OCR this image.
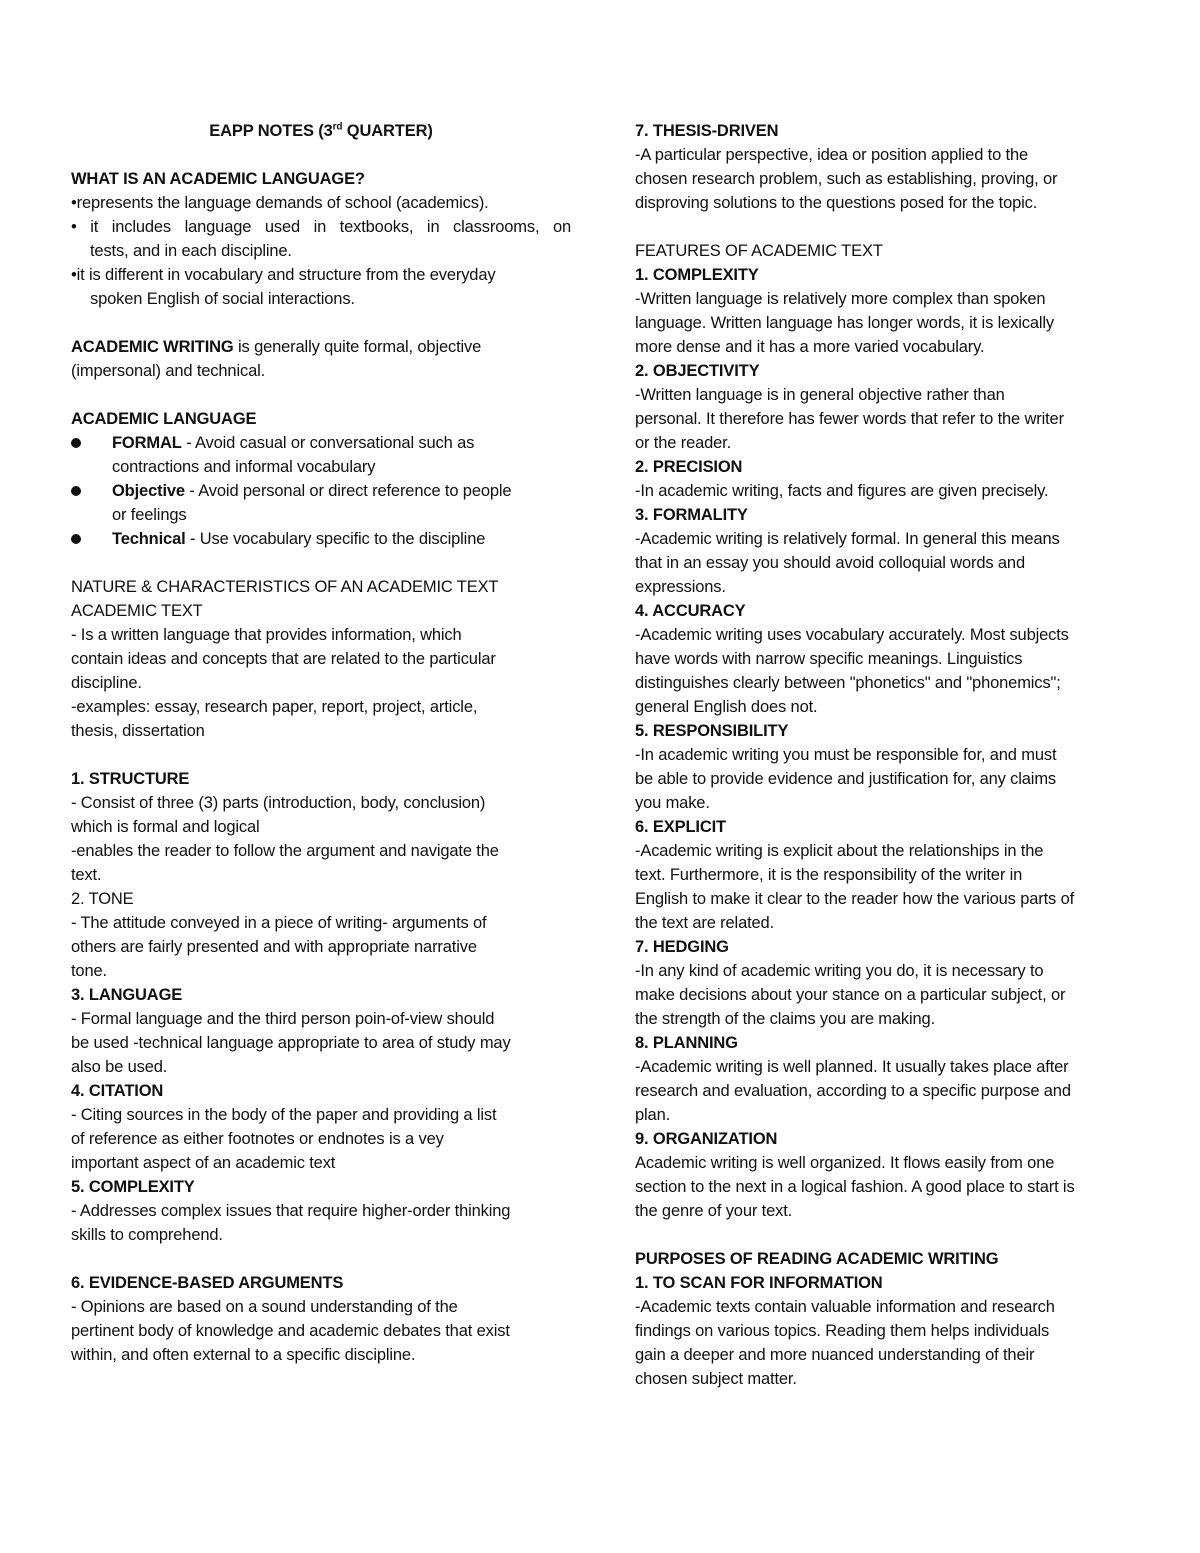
EAPP NOTES (3rd QUARTER)
WHAT IS AN ACADEMIC LANGUAGE?
•represents the language demands of school (academics).
• it includes language used in textbooks, in classrooms, on
tests, and in each discipline.
•it is different in vocabulary and structure from the everyday
spoken English of social interactions.
ACADEMIC WRITING is generally quite formal, objective
(impersonal) and technical.
ACADEMIC LANGUAGE
FORMAL - Avoid casual or conversational such as
contractions and informal vocabulary
Objective - Avoid personal or direct reference to people
or feelings
Technical - Use vocabulary specific to the discipline
NATURE & CHARACTERISTICS OF AN ACADEMIC TEXT
ACADEMIC TEXT
- Is a written language that provides information, which
contain ideas and concepts that are related to the particular
discipline.
-examples: essay, research paper, report, project, article,
thesis, dissertation
1. STRUCTURE
- Consist of three (3) parts (introduction, body, conclusion)
which is formal and logical
-enables the reader to follow the argument and navigate the
text.
2. TONE
- The attitude conveyed in a piece of writing- arguments of
others are fairly presented and with appropriate narrative
tone.
3. LANGUAGE
- Formal language and the third person poin-of-view should
be used -technical language appropriate to area of study may
also be used.
4. CITATION
- Citing sources in the body of the paper and providing a list
of reference as either footnotes or endnotes is a vey
important aspect of an academic text
5. COMPLEXITY
- Addresses complex issues that require higher-order thinking
skills to comprehend.
6. EVIDENCE-BASED ARGUMENTS
- Opinions are based on a sound understanding of the
pertinent body of knowledge and academic debates that exist
within, and often external to a specific discipline.
7. THESIS-DRIVEN
-A particular perspective, idea or position applied to the
chosen research problem, such as establishing, proving, or
disproving solutions to the questions posed for the topic.
FEATURES OF ACADEMIC TEXT
1. COMPLEXITY
-Written language is relatively more complex than spoken
language. Written language has longer words, it is lexically
more dense and it has a more varied vocabulary.
2. OBJECTIVITY
-Written language is in general objective rather than
personal. It therefore has fewer words that refer to the writer
or the reader.
2. PRECISION
-In academic writing, facts and figures are given precisely.
3. FORMALITY
-Academic writing is relatively formal. In general this means
that in an essay you should avoid colloquial words and
expressions.
4. ACCURACY
-Academic writing uses vocabulary accurately. Most subjects
have words with narrow specific meanings. Linguistics
distinguishes clearly between "phonetics" and "phonemics";
general English does not.
5. RESPONSIBILITY
-In academic writing you must be responsible for, and must
be able to provide evidence and justification for, any claims
you make.
6. EXPLICIT
-Academic writing is explicit about the relationships in the
text. Furthermore, it is the responsibility of the writer in
English to make it clear to the reader how the various parts of
the text are related.
7. HEDGING
-In any kind of academic writing you do, it is necessary to
make decisions about your stance on a particular subject, or
the strength of the claims you are making.
8. PLANNING
-Academic writing is well planned. It usually takes place after
research and evaluation, according to a specific purpose and
plan.
9. ORGANIZATION
Academic writing is well organized. It flows easily from one
section to the next in a logical fashion. A good place to start is
the genre of your text.
PURPOSES OF READING ACADEMIC WRITING
1. TO SCAN FOR INFORMATION
-Academic texts contain valuable information and research
findings on various topics. Reading them helps individuals
gain a deeper and more nuanced understanding of their
chosen subject matter.
